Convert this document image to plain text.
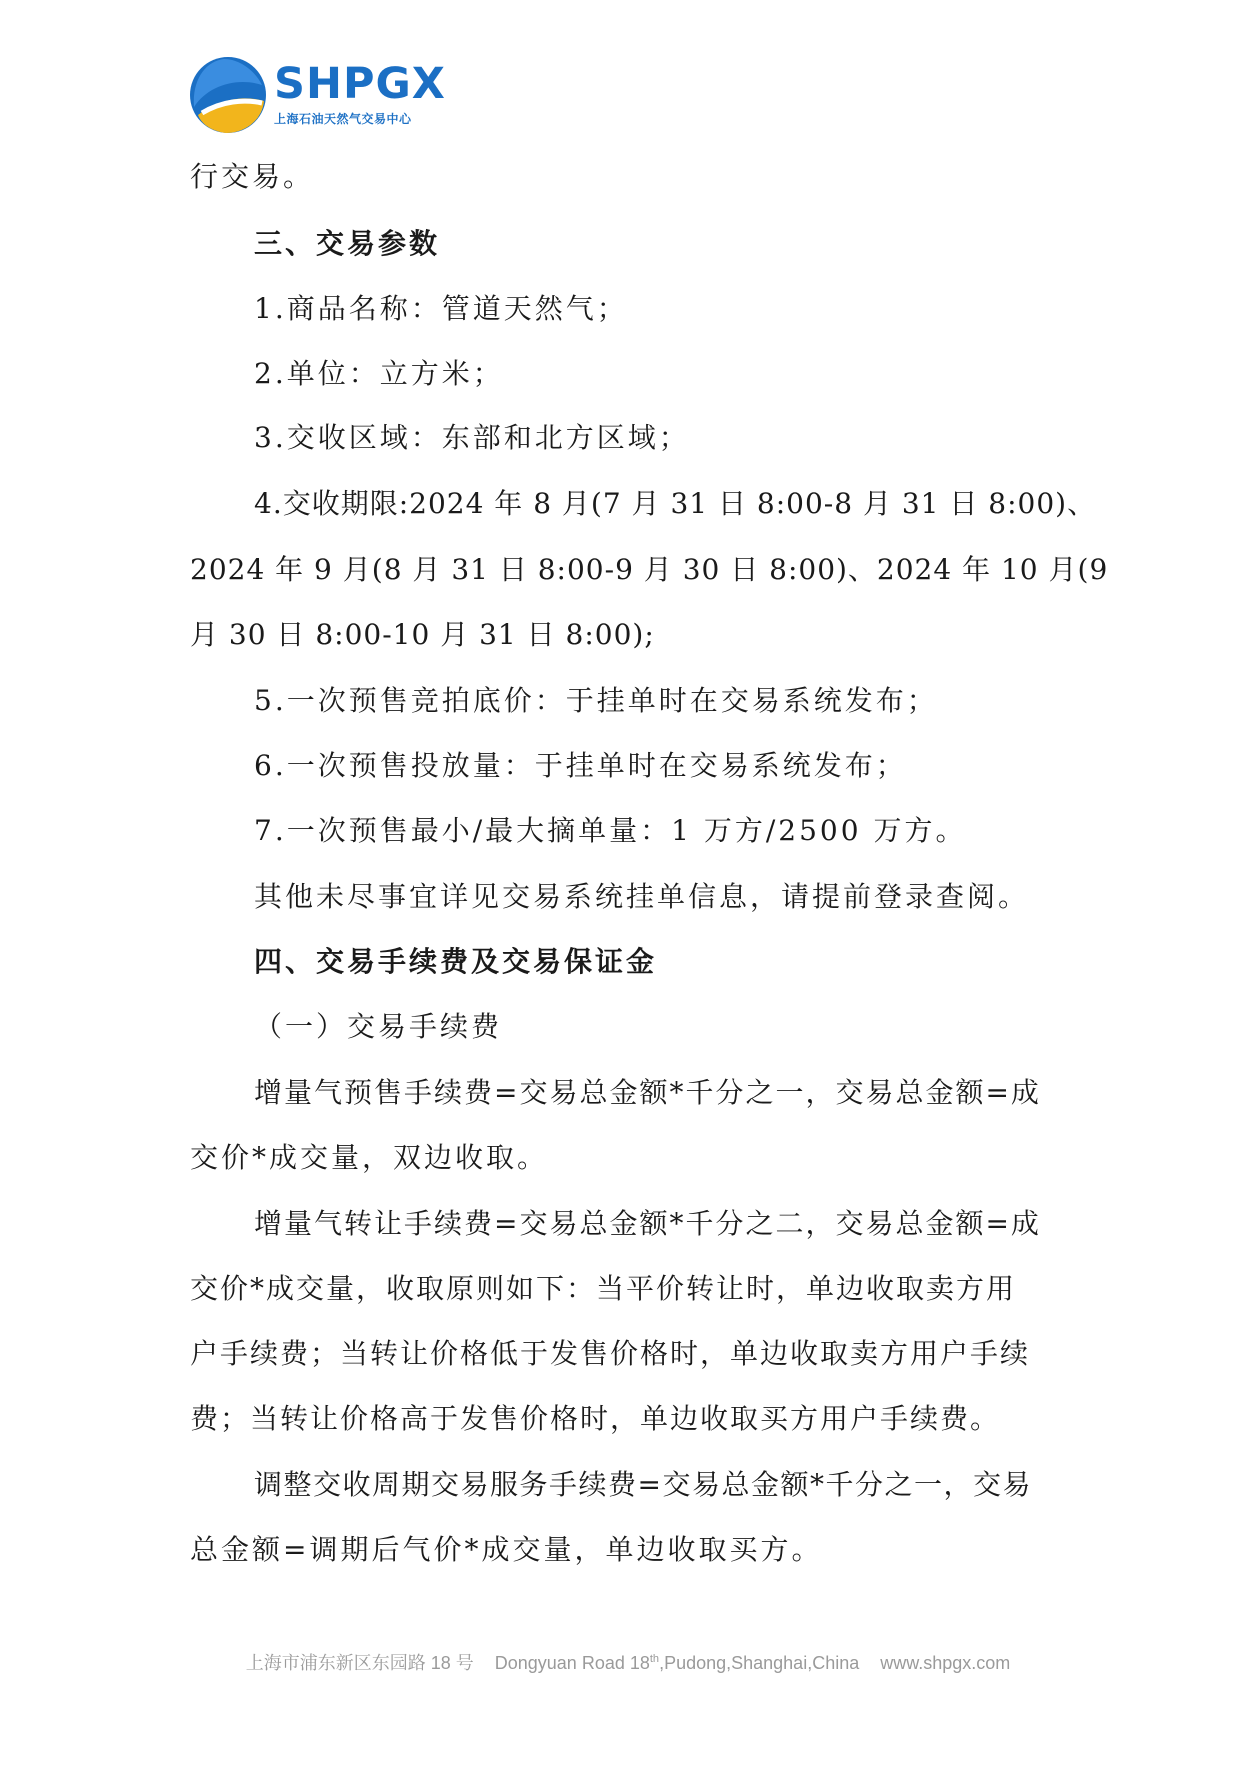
SHPGX
上海石油天然气交易中心
行交易。
三、交易参数
1.商品名称：管道天然气；
2.单位：立方米；
3.交收区域：东部和北方区域；
4.交收期限:2024 年 8 月(7 月 31 日 8:00-8 月 31 日 8:00)、
2024 年 9 月(8 月 31 日 8:00-9 月 30 日 8:00)、2024 年 10 月(9
月 30 日 8:00-10 月 31 日 8:00);
5.一次预售竞拍底价：于挂单时在交易系统发布；
6.一次预售投放量：于挂单时在交易系统发布；
7.一次预售最小/最大摘单量：1 万方/2500 万方。
其他未尽事宜详见交易系统挂单信息，请提前登录查阅。
四、交易手续费及交易保证金
（一）交易手续费
增量气预售手续费=交易总金额*千分之一，交易总金额=成
交价*成交量，双边收取。
增量气转让手续费=交易总金额*千分之二，交易总金额=成
交价*成交量，收取原则如下：当平价转让时，单边收取卖方用
户手续费；当转让价格低于发售价格时，单边收取卖方用户手续
费；当转让价格高于发售价格时，单边收取买方用户手续费。
调整交收周期交易服务手续费=交易总金额*千分之一，交易
总金额=调期后气价*成交量，单边收取买方。
上海市浦东新区东园路 18 号 Dongyuan Road 18th,Pudong,Shanghai,China www.shpgx.com
